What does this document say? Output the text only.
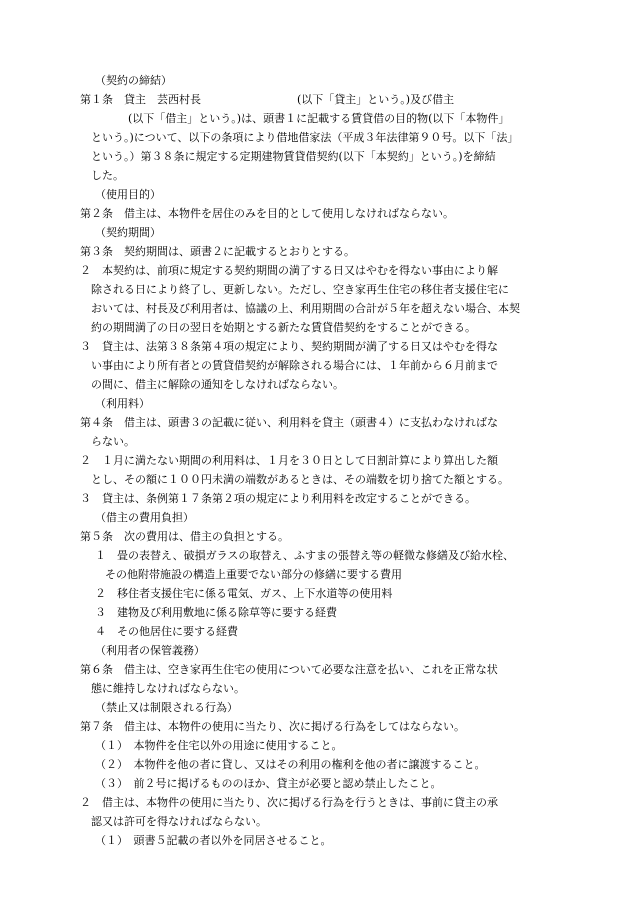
（契約の締結）
第１条　貸主　芸西村長	(以下「貸主」という。)及び借主
(以下「借主」という。)は、頭書１に記載する賃貸借の目的物(以下「本物件」
という。)について、以下の条項により借地借家法（平成３年法律第９０号。以下「法」
という。）第３８条に規定する定期建物賃貸借契約(以下「本契約」という。)を締結
した。
（使用目的）
第２条　借主は、本物件を居住のみを目的として使用しなければならない。
（契約期間）
第３条　契約期間は、頭書２に記載するとおりとする。
２　本契約は、前項に規定する契約期間の満了する日又はやむを得ない事由により解
除される日により終了し、更新しない。ただし、空き家再生住宅の移住者支援住宅に
おいては、村長及び利用者は、協議の上、利用期間の合計が５年を超えない場合、本契
約の期間満了の日の翌日を始期とする新たな賃貸借契約をすることができる。
３　貸主は、法第３８条第４項の規定により、契約期間が満了する日又はやむを得な
い事由により所有者との賃貸借契約が解除される場合には、１年前から６月前まで
の間に、借主に解除の通知をしなければならない。
（利用料）
第４条　借主は、頭書３の記載に従い、利用料を貸主（頭書４）に支払わなければな
らない。
２　１月に満たない期間の利用料は、１月を３０日として日割計算により算出した額
とし、その額に１００円未満の端数があるときは、その端数を切り捨てた額とする。
３　貸主は、条例第１７条第２項の規定により利用料を改定することができる。
（借主の費用負担）
第５条　次の費用は、借主の負担とする。
１　畳の表替え、破損ガラスの取替え、ふすまの張替え等の軽微な修繕及び給水栓、
その他附帯施設の構造上重要でない部分の修繕に要する費用
２　移住者支援住宅に係る電気、ガス、上下水道等の使用料
３　建物及び利用敷地に係る除草等に要する経費
４　その他居住に要する経費
（利用者の保管義務）
第６条　借主は、空き家再生住宅の使用について必要な注意を払い、これを正常な状
態に維持しなければならない。
（禁止又は制限される行為）
第７条　借主は、本物件の使用に当たり、次に掲げる行為をしてはならない。
（１）　本物件を住宅以外の用途に使用すること。
（２）　本物件を他の者に貸し、又はその利用の権利を他の者に譲渡すること。
（３）　前２号に掲げるもののほか、貸主が必要と認め禁止したこと。
２　借主は、本物件の使用に当たり、次に掲げる行為を行うときは、事前に貸主の承
認又は許可を得なければならない。
（１）　頭書５記載の者以外を同居させること。
